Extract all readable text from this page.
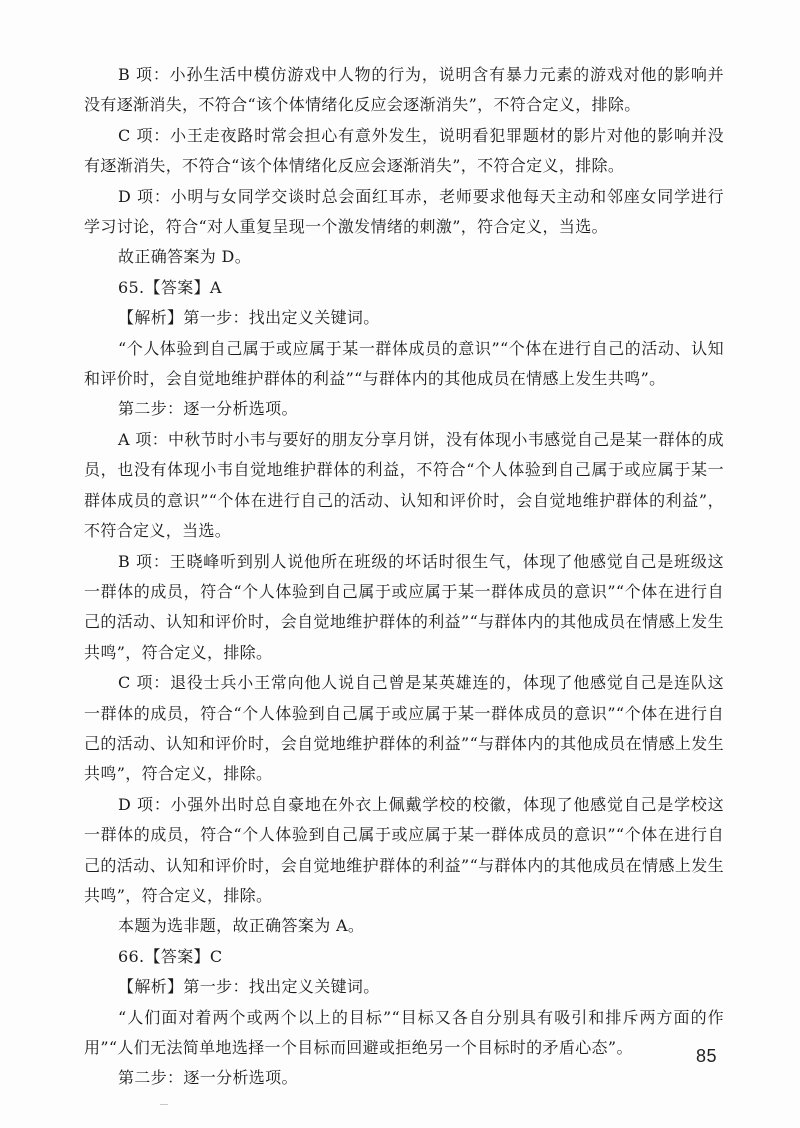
B 项：小孙生活中模仿游戏中人物的行为，说明含有暴力元素的游戏对他的影响并没有逐渐消失，不符合“该个体情绪化反应会逐渐消失”，不符合定义，排除。

C 项：小王走夜路时常会担心有意外发生，说明看犯罪题材的影片对他的影响并没有逐渐消失，不符合“该个体情绪化反应会逐渐消失”，不符合定义，排除。

D 项：小明与女同学交谈时总会面红耳赤，老师要求他每天主动和邻座女同学进行学习讨论，符合“对人重复呈现一个激发情绪的刺激”，符合定义，当选。

故正确答案为 D。

65.【答案】A

【解析】第一步：找出定义关键词。

“个人体验到自己属于或应属于某一群体成员的意识”“个体在进行自己的活动、认知和评价时，会自觉地维护群体的利益”“与群体内的其他成员在情感上发生共鸣”。

第二步：逐一分析选项。

A 项：中秋节时小韦与要好的朋友分享月饼，没有体现小韦感觉自己是某一群体的成员，也没有体现小韦自觉地维护群体的利益，不符合“个人体验到自己属于或应属于某一群体成员的意识”“个体在进行自己的活动、认知和评价时，会自觉地维护群体的利益”，不符合定义，当选。

B 项：王晓峰听到别人说他所在班级的坏话时很生气，体现了他感觉自己是班级这一群体的成员，符合“个人体验到自己属于或应属于某一群体成员的意识”“个体在进行自己的活动、认知和评价时，会自觉地维护群体的利益”“与群体内的其他成员在情感上发生共鸣”，符合定义，排除。

C 项：退役士兵小王常向他人说自己曾是某英雄连的，体现了他感觉自己是连队这一群体的成员，符合“个人体验到自己属于或应属于某一群体成员的意识”“个体在进行自己的活动、认知和评价时，会自觉地维护群体的利益”“与群体内的其他成员在情感上发生共鸣”，符合定义，排除。

D 项：小强外出时总自豪地在外衣上佩戴学校的校徽，体现了他感觉自己是学校这一群体的成员，符合“个人体验到自己属于或应属于某一群体成员的意识”“个体在进行自己的活动、认知和评价时，会自觉地维护群体的利益”“与群体内的其他成员在情感上发生共鸣”，符合定义，排除。

本题为选非题，故正确答案为 A。

66.【答案】C

【解析】第一步：找出定义关键词。

“人们面对着两个或两个以上的目标”“目标又各自分别具有吸引和排斥两方面的作用”“人们无法简单地选择一个目标而回避或拒绝另一个目标时的矛盾心态”。

第二步：逐一分析选项。

85
